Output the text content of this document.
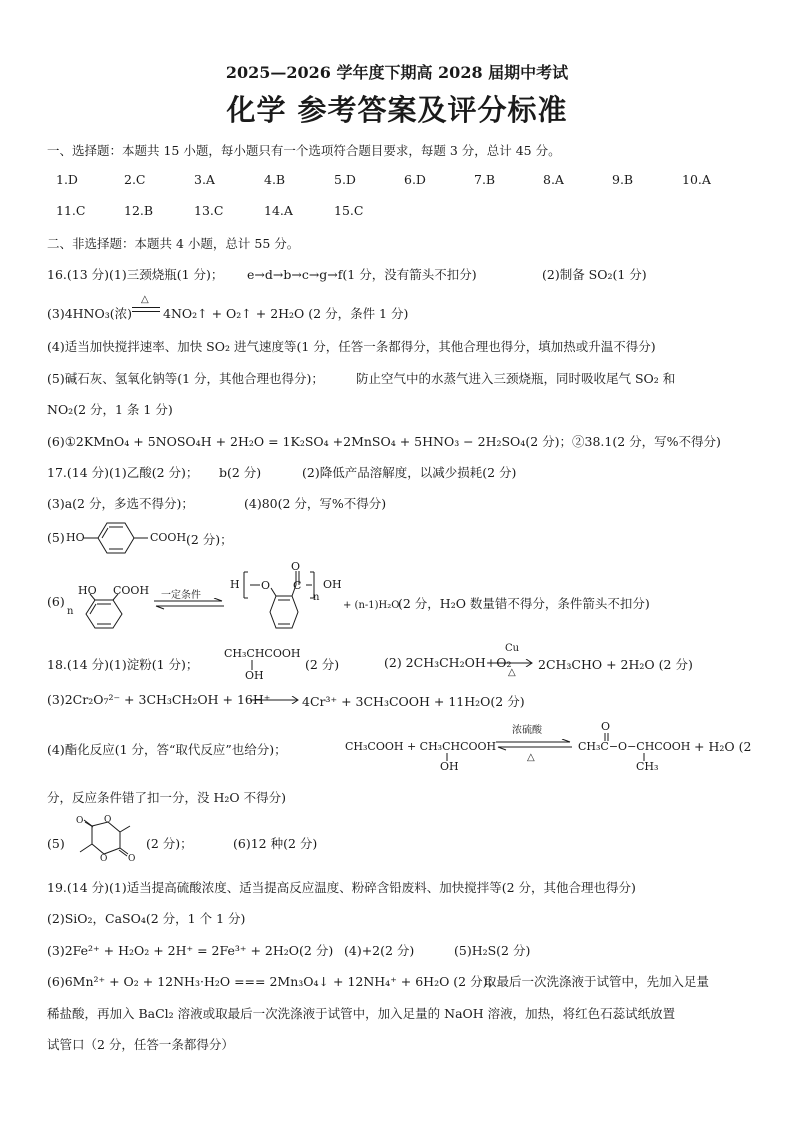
2025—2026 学年度下期高 2028 届期中考试
化学 参考答案及评分标准
一、选择题：本题共 15 小题，每小题只有一个选项符合题目要求，每题 3 分，总计 45 分。
1.D	2.C	3.A	4.B	5.D	6.D	7.B	8.A	9.B	10.A
11.C	12.B	13.C	14.A	15.C
二、非选择题：本题共 4 小题，总计 55 分。
16.(13 分)(1)三颈烧瓶(1 分)； e→d→b→c→g→f(1 分，没有箭头不扣分)	(2)制备 SO₂(1 分)
(3)4HNO₃(浓)
△
4NO₂↑ + O₂↑ + 2H₂O (2 分，条件 1 分)
(4)适当加快搅拌速率、加快 SO₂ 进气速度等(1 分，任答一条都得分，其他合理也得分，填加热或升温不得分)
(5)碱石灰、氢氧化钠等(1 分，其他合理也得分)；	防止空气中的水蒸气进入三颈烧瓶，同时吸收尾气 SO₂ 和
NO₂(2 分，1 条 1 分)
(6)①2KMnO₄ + 5NOSO₄H + 2H₂O = 1K₂SO₄ +2MnSO₄ + 5HNO₃ − 2H₂SO₄(2 分)；②38.1(2 分，写%不得分)
17.(14 分)(1)乙酸(2 分)； b(2 分)	(2)降低产品溶解度，以减少损耗(2 分)
(3)a(2 分，多选不得分)；	(4)80(2 分，写%不得分)
(5) HO	COOH (2 分)；
(6)
n
HO COOH 一定条件
H
O
OH
n
O C
+ (n-1)H₂O
(2 分，H₂O 数量错不得分，条件箭头不扣分)
18.(14 分)(1)淀粉(1 分)；
CH₃CHCOOH
OH
(2 分)	(2) 2CH₃CH₂OH+O₂
Cu
△
2CH₃CHO + 2H₂O (2 分)
(3)2Cr₂O₇²⁻ + 3CH₃CH₂OH + 16H⁺ → 4Cr³⁺ + 3CH₃COOH + 11H₂O(2 分)
(4)酯化反应(1 分，答“取代反应”也给分)；	CH₃COOH + CH₃CHCOOH
OH
浓硫酸
△
O
CH₃C−O−CHCOOH
CH₃
+ H₂O (2
分，反应条件错了扣一分，没 H₂O 不得分)
(5)
O O
O O
(2 分)；	(6)12 种(2 分)
19.(14 分)(1)适当提高硫酸浓度、适当提高反应温度、粉碎含铅废料、加快搅拌等(2 分，其他合理也得分)
(2)SiO₂，CaSO₄(2 分，1 个 1 分)
(3)2Fe²⁺ + H₂O₂ + 2H⁺ = 2Fe³⁺ + 2H₂O(2 分) (4)+2(2 分)	(5)H₂S(2 分)
(6)6Mn²⁺ + O₂ + 12NH₃·H₂O === 2Mn₃O₄↓ + 12NH₄⁺ + 6H₂O (2 分)；
取最后一次洗涤液于试管中，先加入足量
稀盐酸，再加入 BaCl₂ 溶液或取最后一次洗涤液于试管中，加入足量的 NaOH 溶液，加热，将红色石蕊试纸放置
试管口（2 分，任答一条都得分）
